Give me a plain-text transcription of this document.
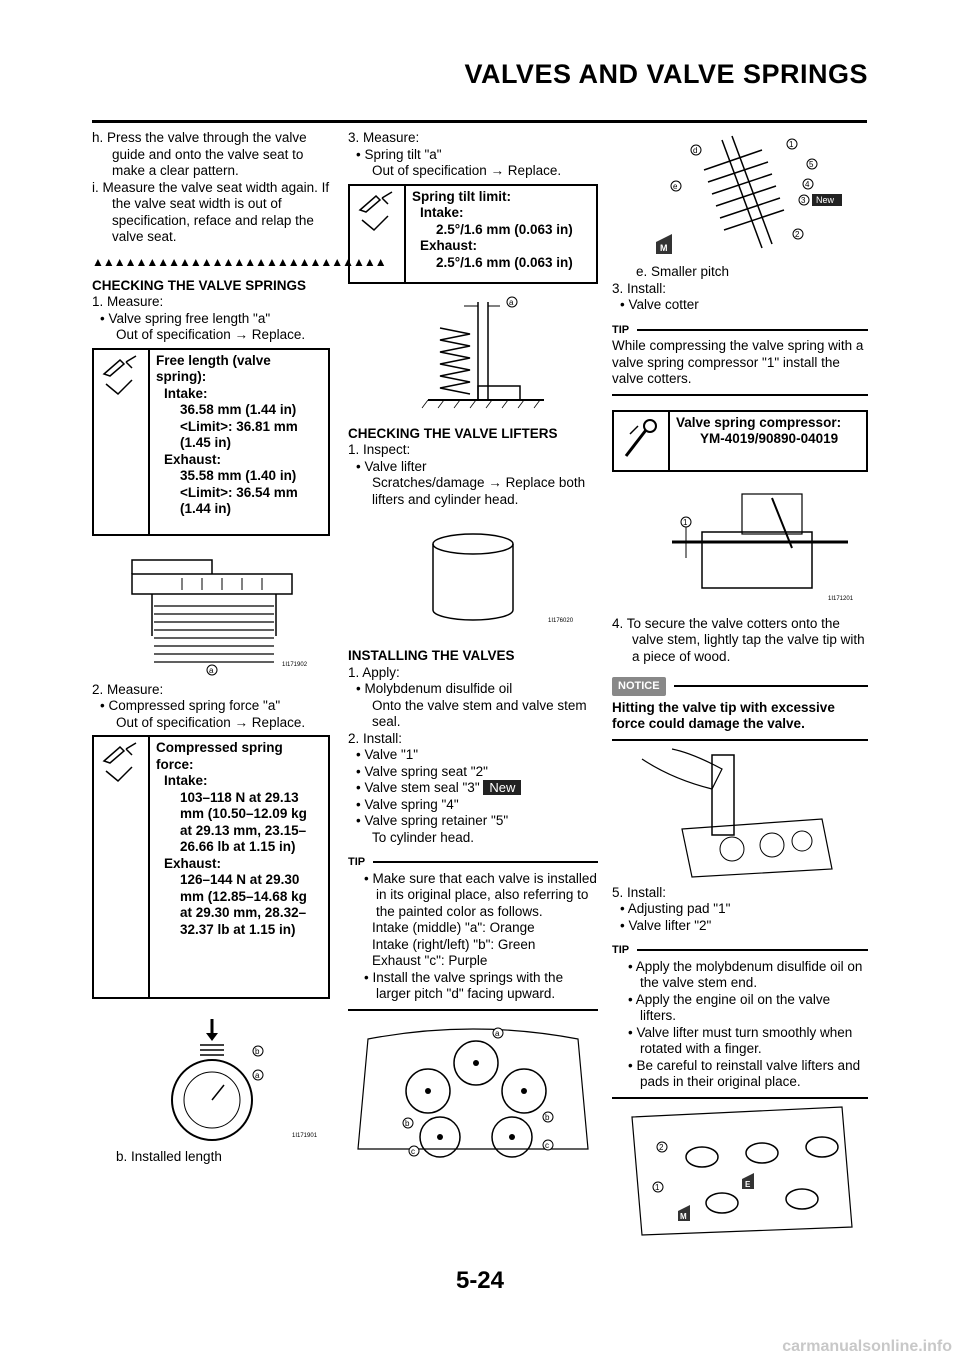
VALVES AND VALVE SPRINGS

h. Press the valve through the valve guide and onto the valve seat to make a clear pattern.

i. Measure the valve seat width again. If the valve seat width is out of specification, reface and relap the valve seat.

▲▲▲▲▲▲▲▲▲▲▲▲▲▲▲▲▲▲▲▲▲▲▲▲▲▲▲

CHECKING THE VALVE SPRINGS

1. Measure:

• Valve spring free length "a"

Out of specification → Replace.

Free length (valve spring):

Intake:

36.58 mm (1.44 in)

<Limit>: 36.81 mm (1.45 in)

Exhaust:

35.58 mm (1.40 in)

<Limit>: 36.54 mm (1.44 in)

a
1I171902

2. Measure:

• Compressed spring force "a"

Out of specification → Replace.

Compressed spring force:

Intake:

103–118 N at 29.13 mm (10.50–12.09 kg at 29.13 mm, 23.15–26.66 lb at 1.15 in)

Exhaust:

126–144 N at 29.30 mm (12.85–14.68 kg at 29.30 mm, 28.32–32.37 lb at 1.15 in)

b
a
1I171901

b. Installed length

3. Measure:

• Spring tilt "a"

Out of specification → Replace.

Spring tilt limit:

Intake:

2.5°/1.6 mm (0.063 in)

Exhaust:

2.5°/1.6 mm (0.063 in)

a

CHECKING THE VALVE LIFTERS

1. Inspect:

• Valve lifter

Scratches/damage → Replace both lifters and cylinder head.

1I176020

INSTALLING THE VALVES

1. Apply:

• Molybdenum disulfide oil

Onto the valve stem and valve stem seal.

2. Install:

• Valve "1"

• Valve spring seat "2"

• Valve stem seal "3" New

• Valve spring "4"

• Valve spring retainer "5"

To cylinder head.

TIP

• Make sure that each valve is installed in its original place, also referring to the painted color as follows.

Intake (middle) "a": Orange

Intake (right/left) "b": Green

Exhaust "c": Purple

• Install the valve springs with the larger pitch "d" facing upward.

a
b
b
c
c
d
e
1
5
4
3 New
2
M

e. Smaller pitch

3. Install:

• Valve cotter

TIP

While compressing the valve spring with a valve spring compressor "1" install the valve cotters.

Valve spring compressor:

YM-4019/90890-04019

1
1I171201

4. To secure the valve cotters onto the valve stem, lightly tap the valve tip with a piece of wood.

NOTICE

Hitting the valve tip with excessive force could damage the valve.

5. Install:

• Adjusting pad "1"

• Valve lifter "2"

TIP

• Apply the molybdenum disulfide oil on the valve stem end.

• Apply the engine oil on the valve lifters.

• Valve lifter must turn smoothly when rotated with a finger.

• Be careful to reinstall valve lifters and pads in their original place.

2
1	E
M
5-24
carmanualsonline.info
